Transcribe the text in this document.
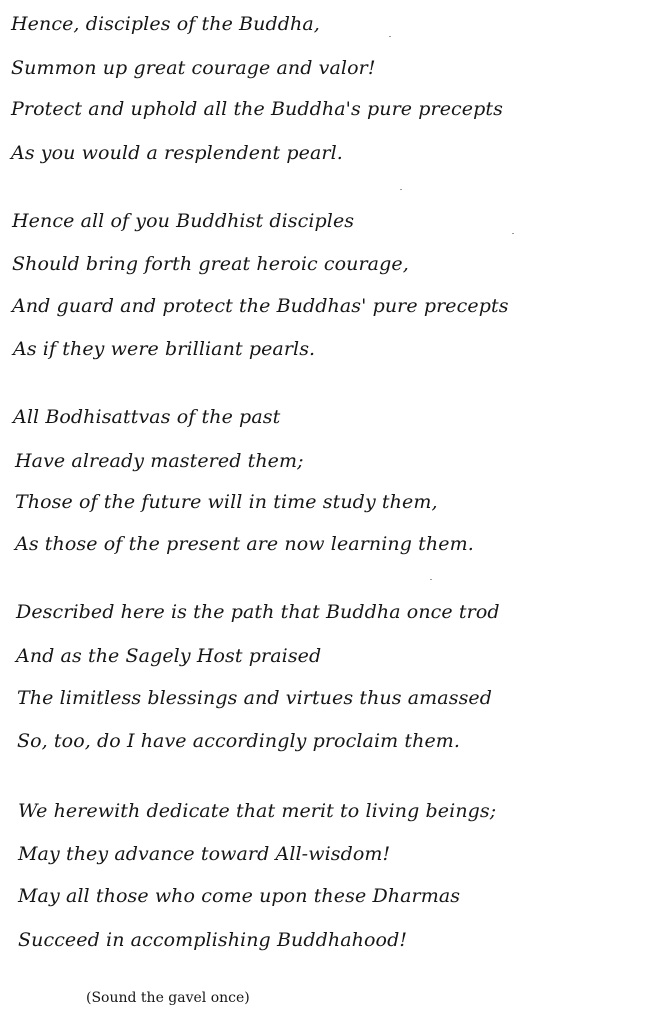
Hence, disciples of the Buddha,
Summon up great courage and valor!
Protect and uphold all the Buddha's pure precepts
As you would a resplendent pearl.
Hence all of you Buddhist disciples
Should bring forth great heroic courage,
And guard and protect the Buddhas' pure precepts
As if they were brilliant pearls.
All Bodhisattvas of the past
Have already mastered them;
Those of the future will in time study them,
As those of the present are now learning them.
Described here is the path that Buddha once trod
And as the Sagely Host praised
The limitless blessings and virtues thus amassed
So, too, do I have accordingly proclaim them.
We herewith dedicate that merit to living beings;
May they advance toward All-wisdom!
May all those who come upon these Dharmas
Succeed in accomplishing Buddhahood!
(Sound the gavel once)
